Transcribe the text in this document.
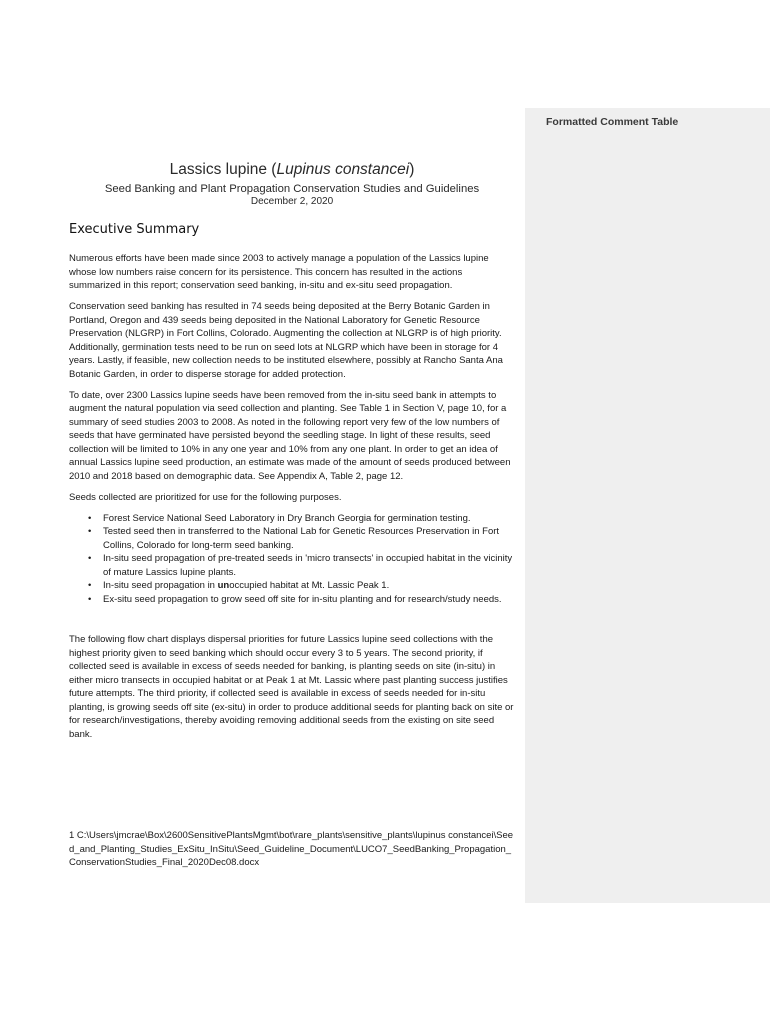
Formatted Comment Table
Lassics lupine (Lupinus constancei)
Seed Banking and Plant Propagation Conservation Studies and Guidelines
December 2, 2020
Executive Summary

Numerous efforts have been made since 2003 to actively manage a population of the Lassics lupine whose low numbers raise concern for its persistence. This concern has resulted in the actions summarized in this report; conservation seed banking, in-situ and ex-situ seed propagation.

Conservation seed banking has resulted in 74 seeds being deposited at the Berry Botanic Garden in Portland, Oregon and 439 seeds being deposited in the National Laboratory for Genetic Resource Preservation (NLGRP) in Fort Collins, Colorado. Augmenting the collection at NLGRP is of high priority. Additionally, germination tests need to be run on seed lots at NLGRP which have been in storage for 4 years. Lastly, if feasible, new collection needs to be instituted elsewhere, possibly at Rancho Santa Ana Botanic Garden, in order to disperse storage for added protection.

To date, over 2300 Lassics lupine seeds have been removed from the in-situ seed bank in attempts to augment the natural population via seed collection and planting. See Table 1 in Section V, page 10, for a summary of seed studies 2003 to 2008. As noted in the following report very few of the low numbers of seeds that have germinated have persisted beyond the seedling stage. In light of these results, seed collection will be limited to 10% in any one year and 10% from any one plant. In order to get an idea of annual Lassics lupine seed production, an estimate was made of the amount of seeds produced between 2010 and 2018 based on demographic data. See Appendix A, Table 2, page 12.

Seeds collected are prioritized for use for the following purposes.

• Forest Service National Seed Laboratory in Dry Branch Georgia for germination testing.
• Tested seed then in transferred to the National Lab for Genetic Resources Preservation in Fort Collins, Colorado for long-term seed banking.
• In-situ seed propagation of pre-treated seeds in 'micro transects' in occupied habitat in the vicinity of mature Lassics lupine plants.
• In-situ seed propagation in unoccupied habitat at Mt. Lassic Peak 1.
• Ex-situ seed propagation to grow seed off site for in-situ planting and for research/study needs.

The following flow chart displays dispersal priorities for future Lassics lupine seed collections with the highest priority given to seed banking which should occur every 3 to 5 years. The second priority, if collected seed is available in excess of seeds needed for banking, is planting seeds on site (in-situ) in either micro transects in occupied habitat or at Peak 1 at Mt. Lassic where past planting success justifies future attempts. The third priority, if collected seed is available in excess of seeds needed for in-situ planting, is growing seeds off site (ex-situ) in order to produce additional seeds for planting back on site or for research/investigations, thereby avoiding removing additional seeds from the existing on site seed bank.

1 C:\Users\jmcrae\Box\2600SensitivePlantsMgmt\bot\rare_plants\sensitive_plants\lupinus constancei\Seed_and_Planting_Studies_ExSitu_InSitu\Seed_Guideline_Document\LUCO7_SeedBanking_Propagation_ConservationStudies_Final_2020Dec08.docx
